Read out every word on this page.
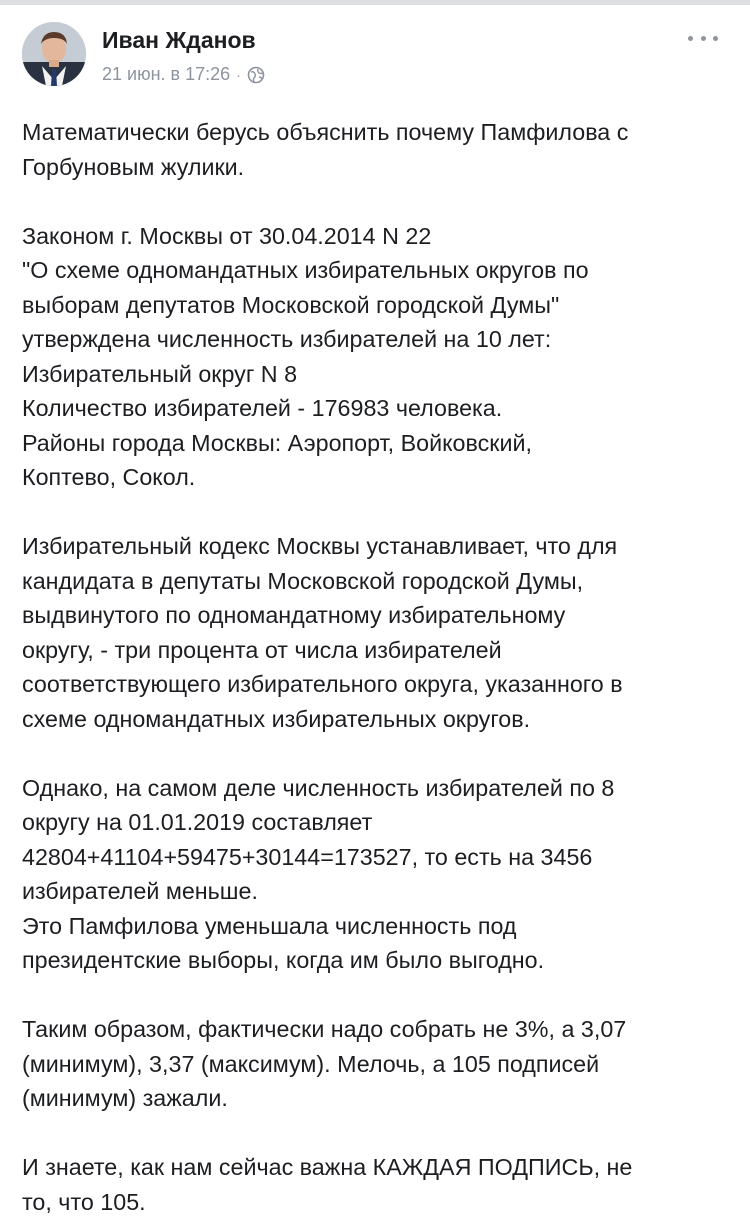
Иван Жданов
21 июн. в 17:26 ·
Математически берусь объяснить почему Памфилова с
Горбуновым жулики.
Законом г. Москвы от 30.04.2014 N 22
"О схеме одномандатных избирательных округов по
выборам депутатов Московской городской Думы"
утверждена численность избирателей на 10 лет:
Избирательный округ N 8
Количество избирателей - 176983 человека.
Районы города Москвы: Аэропорт, Войковский,
Коптево, Сокол.
Избирательный кодекс Москвы устанавливает, что для
кандидата в депутаты Московской городской Думы,
выдвинутого по одномандатному избирательному
округу, - три процента от числа избирателей
соответствующего избирательного округа, указанного в
схеме одномандатных избирательных округов.
Однако, на самом деле численность избирателей по 8
округу на 01.01.2019 составляет
42804+41104+59475+30144=173527, то есть на 3456
избирателей меньше.
Это Памфилова уменьшала численность под
президентские выборы, когда им было выгодно.
Таким образом, фактически надо собрать не 3%, а 3,07
(минимум), 3,37 (максимум). Мелочь, а 105 подписей
(минимум) зажали.
И знаете, как нам сейчас важна КАЖДАЯ ПОДПИСЬ, не
то, что 105.
